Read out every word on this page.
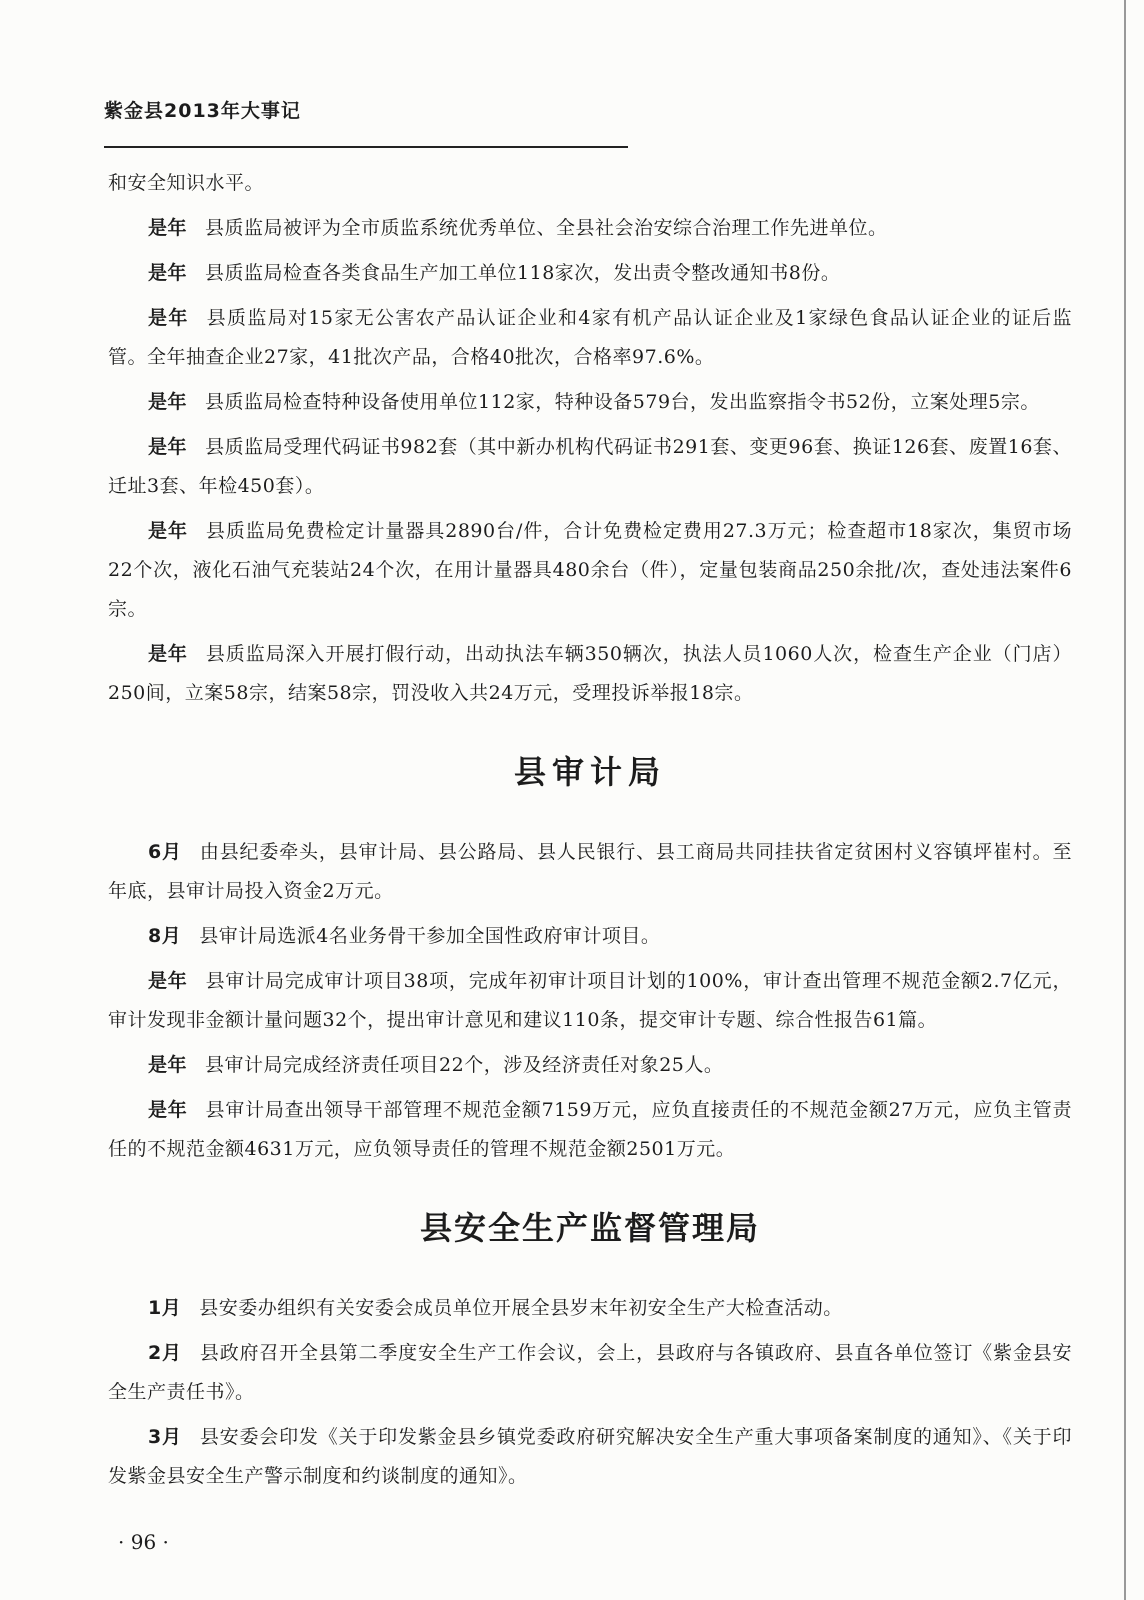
紫金县2013年大事记

和安全知识水平。

是年 县质监局被评为全市质监系统优秀单位、全县社会治安综合治理工作先进单位。

是年 县质监局检查各类食品生产加工单位118家次，发出责令整改通知书8份。

是年 县质监局对15家无公害农产品认证企业和4家有机产品认证企业及1家绿色食品认证企业的证后监管。全年抽查企业27家，41批次产品，合格40批次，合格率97.6%。

是年 县质监局检查特种设备使用单位112家，特种设备579台，发出监察指令书52份，立案处理5宗。

是年 县质监局受理代码证书982套（其中新办机构代码证书291套、变更96套、换证126套、废置16套、迁址3套、年检450套）。

是年 县质监局免费检定计量器具2890台/件，合计免费检定费用27.3万元；检查超市18家次，集贸市场22个次，液化石油气充装站24个次，在用计量器具480余台（件），定量包装商品250余批/次，查处违法案件6宗。

是年 县质监局深入开展打假行动，出动执法车辆350辆次，执法人员1060人次，检查生产企业（门店）250间，立案58宗，结案58宗，罚没收入共24万元，受理投诉举报18宗。

县审计局

6月 由县纪委牵头，县审计局、县公路局、县人民银行、县工商局共同挂扶省定贫困村义容镇坪崔村。至年底，县审计局投入资金2万元。

8月 县审计局选派4名业务骨干参加全国性政府审计项目。

是年 县审计局完成审计项目38项，完成年初审计项目计划的100%，审计查出管理不规范金额2.7亿元，审计发现非金额计量问题32个，提出审计意见和建议110条，提交审计专题、综合性报告61篇。

是年 县审计局完成经济责任项目22个，涉及经济责任对象25人。

是年 县审计局查出领导干部管理不规范金额7159万元，应负直接责任的不规范金额27万元，应负主管责任的不规范金额4631万元，应负领导责任的管理不规范金额2501万元。

县安全生产监督管理局

1月 县安委办组织有关安委会成员单位开展全县岁末年初安全生产大检查活动。

2月 县政府召开全县第二季度安全生产工作会议，会上，县政府与各镇政府、县直各单位签订《紫金县安全生产责任书》。

3月 县安委会印发《关于印发紫金县乡镇党委政府研究解决安全生产重大事项备案制度的通知》、《关于印发紫金县安全生产警示制度和约谈制度的通知》。

· 96 ·
